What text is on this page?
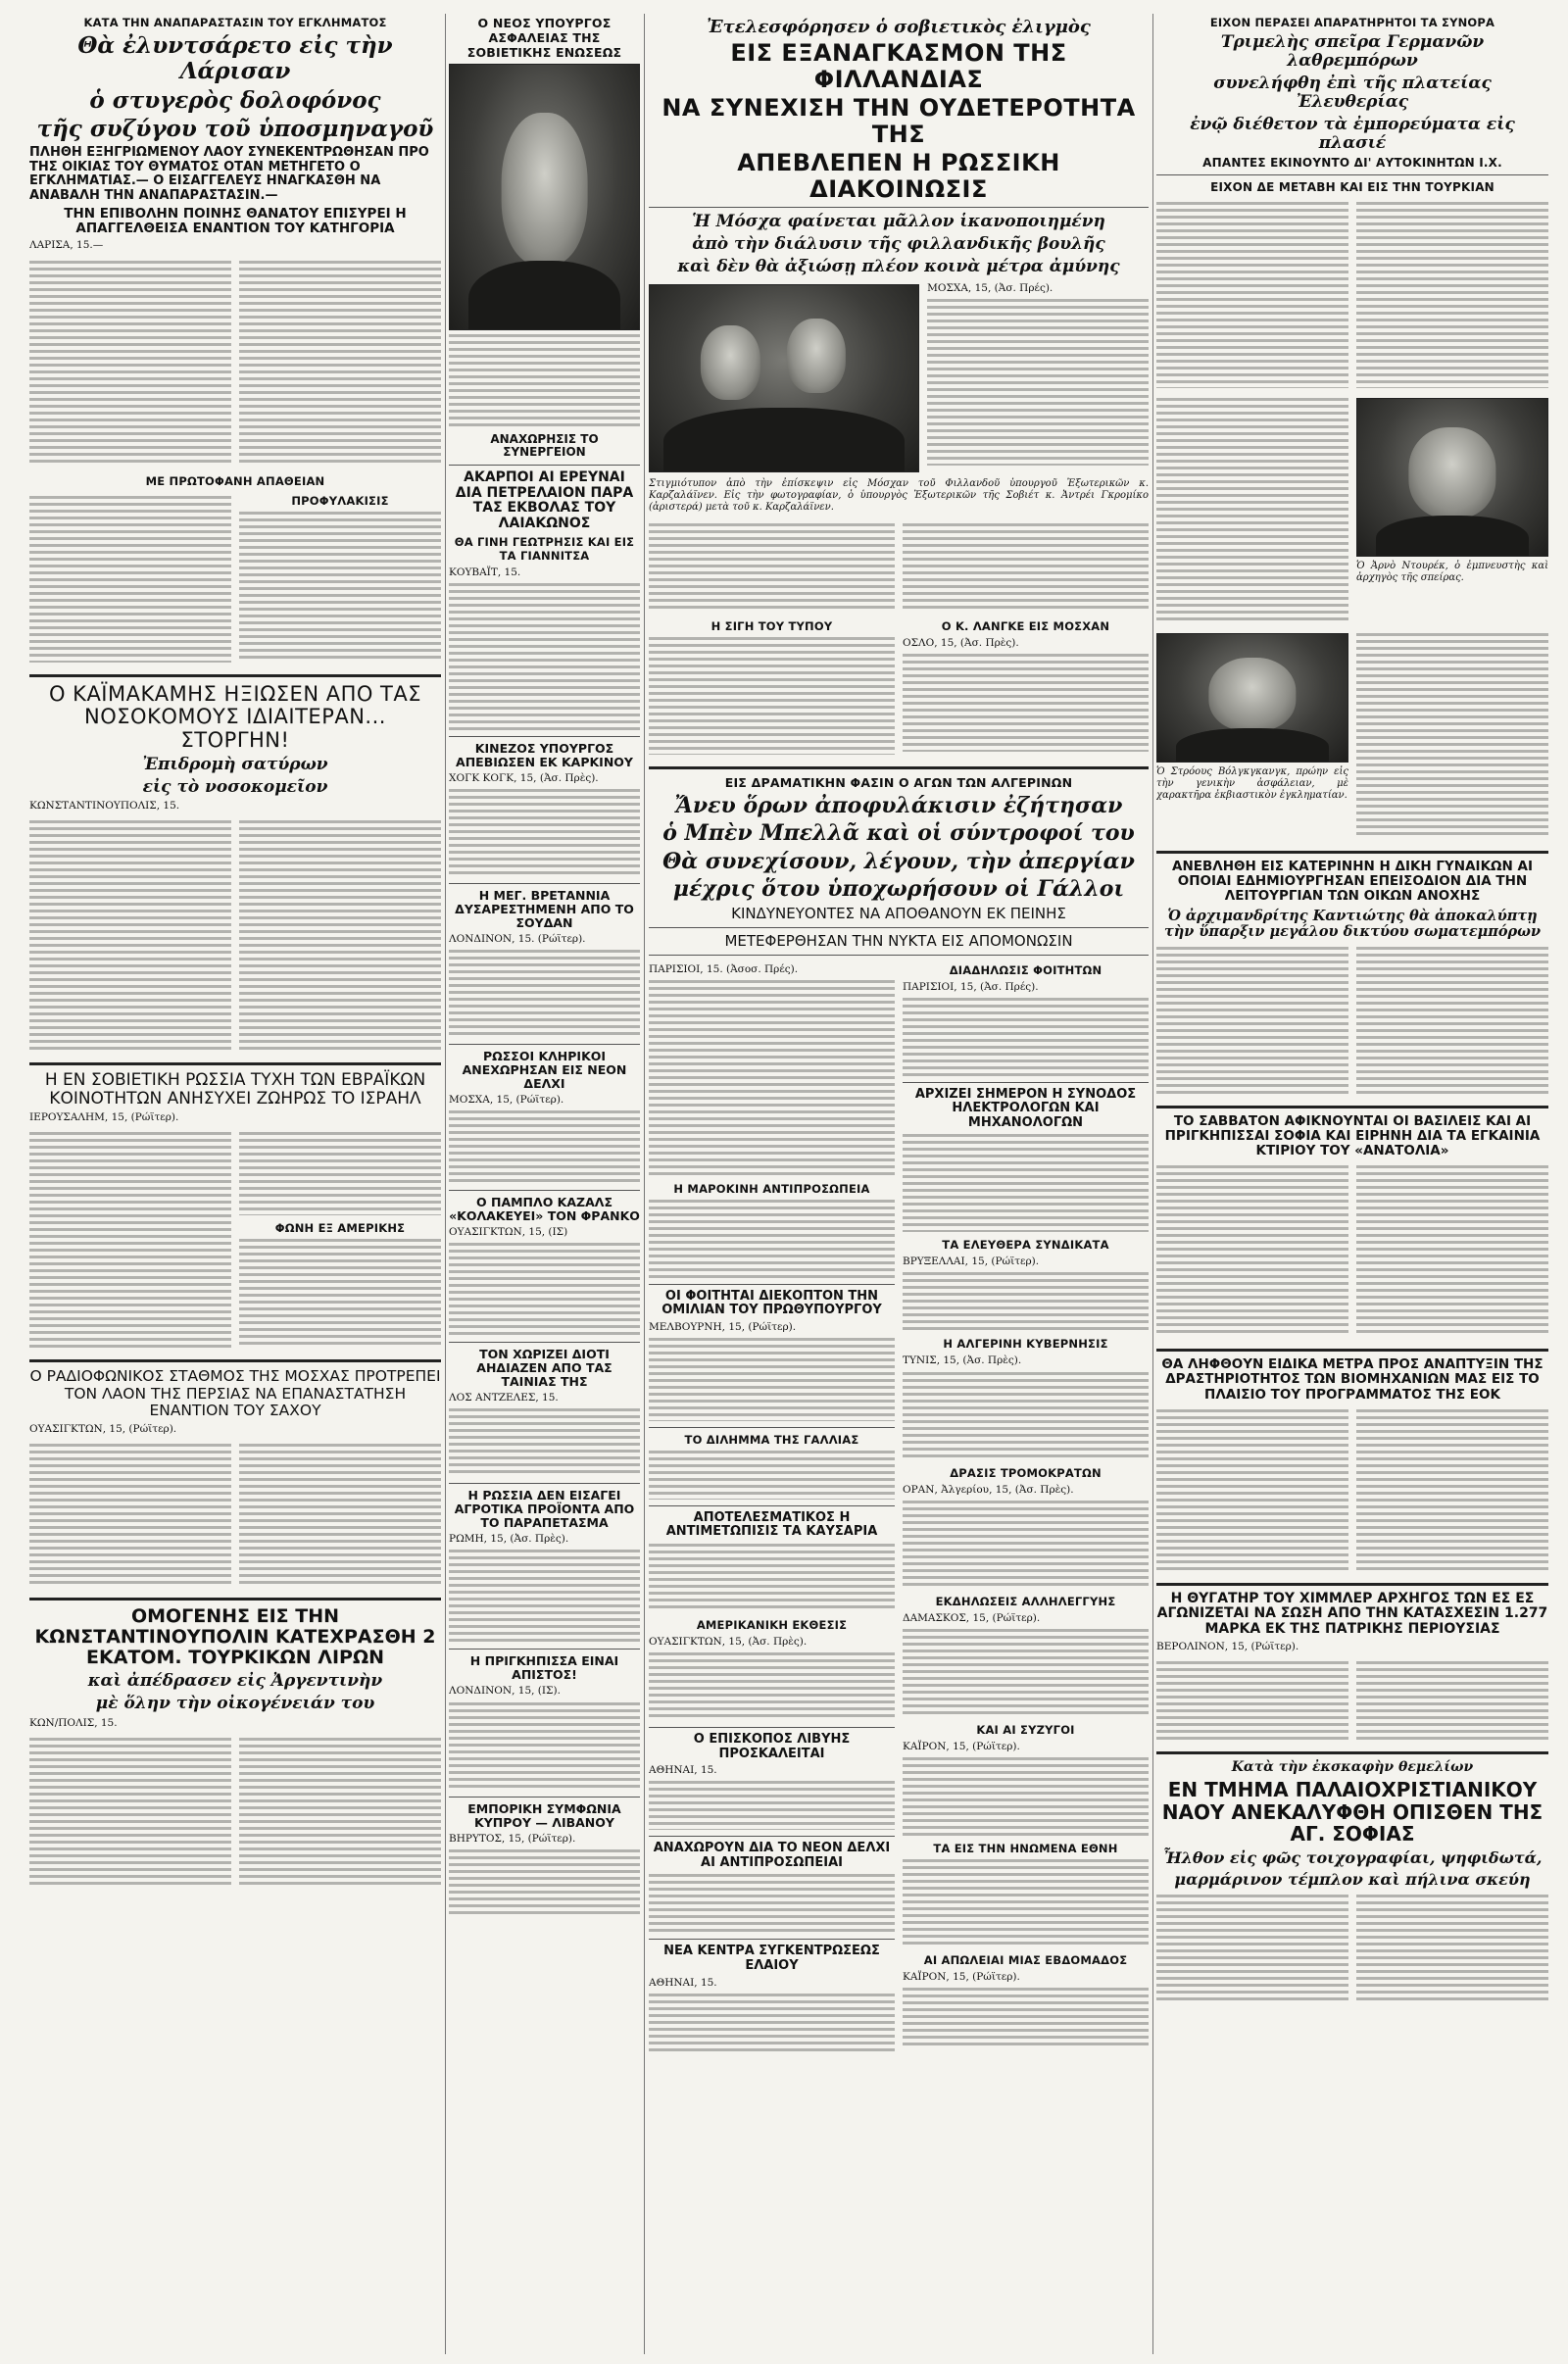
ΚΑΤΑ ΤΗΝ ΑΝΑΠΑΡΑΣΤΑΣΙΝ ΤΟΥ ΕΓΚΛΗΜΑΤΟΣ
Θὰ ἐλυντσάρετο εἰς τὴν Λάρισαν
ὁ στυγερὸς δολοφόνος
τῆς συζύγου τοῦ ὑποσμηναγοῦ
ΠΛΗΘΗ ΕΞΗΓΡΙΩΜΕΝΟΥ ΛΑΟΥ ΣΥΝΕΚΕΝΤΡΩΘΗΣΑΝ ΠΡΟ ΤΗΣ ΟΙΚΙΑΣ ΤΟΥ ΘΥΜΑΤΟΣ ΟΤΑΝ ΜΕΤΗΓΕΤΟ Ο ΕΓΚΛΗΜΑΤΙΑΣ.— Ο ΕΙΣΑΓΓΕΛΕΥΣ ΗΝΑΓΚΑΣΘΗ ΝΑ ΑΝΑΒΑΛΗ ΤΗΝ ΑΝΑΠΑΡΑΣΤΑΣΙΝ.—
ΤΗΝ ΕΠΙΒΟΛΗΝ ΠΟΙΝΗΣ ΘΑΝΑΤΟΥ ΕΠΙΣΥΡΕΙ Η ΑΠΑΓΓΕΛΘΕΙΣΑ ΕΝΑΝΤΙΟΝ ΤΟΥ ΚΑΤΗΓΟΡΙΑ
ΛΑΡΙΣΑ, 15.—
ΜΕ ΠΡΩΤΟΦΑΝΗ ΑΠΑΘΕΙΑΝ
ΠΡΟΦΥΛΑΚΙΣΙΣ
Ο ΚΑΪΜΑΚΑΜΗΣ ΗΞΙΩΣΕΝ ΑΠΟ ΤΑΣ ΝΟΣΟΚΟΜΟΥΣ ΙΔΙΑΙΤΕΡΑΝ... ΣΤΟΡΓΗΝ!
Ἐπιδρομὴ σατύρων
εἰς τὸ νοσοκομεῖον
ΚΩΝΣΤΑΝΤΙΝΟΥΠΟΛΙΣ, 15.
Η ΕΝ ΣΟΒΙΕΤΙΚΗ ΡΩΣΣΙΑ ΤΥΧΗ ΤΩΝ ΕΒΡΑΪΚΩΝ ΚΟΙΝΟΤΗΤΩΝ ΑΝΗΣΥΧΕΙ ΖΩΗΡΩΣ ΤΟ ΙΣΡΑΗΛ
ΙΕΡΟΥΣΑΛΗΜ, 15, (Ρώϊτερ).
ΦΩΝΗ ΕΞ ΑΜΕΡΙΚΗΣ
Ο ΡΑΔΙΟΦΩΝΙΚΟΣ ΣΤΑΘΜΟΣ ΤΗΣ ΜΟΣΧΑΣ ΠΡΟΤΡΕΠΕΙ ΤΟΝ ΛΑΟΝ ΤΗΣ ΠΕΡΣΙΑΣ ΝΑ ΕΠΑΝΑΣΤΑΤΗΣΗ ΕΝΑΝΤΙΟΝ ΤΟΥ ΣΑΧΟΥ
ΟΥΑΣΙΓΚΤΩΝ, 15, (Ρώϊτερ).
ΟΜΟΓΕΝΗΣ ΕΙΣ ΤΗΝ ΚΩΝΣΤΑΝΤΙΝΟΥΠΟΛΙΝ ΚΑΤΕΧΡΑΣΘΗ 2 ΕΚΑΤΟΜ. ΤΟΥΡΚΙΚΩΝ ΛΙΡΩΝ
καὶ ἀπέδρασεν εἰς Ἀργεντινὴν
μὲ ὅλην τὴν οἰκογένειάν του
ΚΩΝ/ΠΟΛΙΣ, 15.
Ο ΝΕΟΣ ΥΠΟΥΡΓΟΣ ΑΣΦΑΛΕΙΑΣ ΤΗΣ ΣΟΒΙΕΤΙΚΗΣ ΕΝΩΣΕΩΣ
ΑΝΑΧΩΡΗΣΙΣ ΤΟ ΣΥΝΕΡΓΕΙΟΝ
ΑΚΑΡΠΟΙ ΑΙ ΕΡΕΥΝΑΙ ΔΙΑ ΠΕΤΡΕΛΑΙΟΝ ΠΑΡΑ ΤΑΣ ΕΚΒΟΛΑΣ ΤΟΥ ΛΑΙΑΚΩΝΟΣ
ΘΑ ΓΙΝΗ ΓΕΩΤΡΗΣΙΣ ΚΑΙ ΕΙΣ ΤΑ ΓΙΑΝΝΙΤΣΑ
ΚΟΥΒΑΪΤ, 15.
ΚΙΝΕΖΟΣ ΥΠΟΥΡΓΟΣ ΑΠΕΒΙΩΣΕΝ ΕΚ ΚΑΡΚΙΝΟΥ
ΧΟΓΚ ΚΟΓΚ, 15, (Ἀσ. Πρὲς).
Η ΜΕΓ. ΒΡΕΤΑΝΝΙΑ ΔΥΣΑΡΕΣΤΗΜΕΝΗ ΑΠΟ ΤΟ ΣΟΥΔΑΝ
ΛΟΝΔΙΝΟΝ, 15. (Ρώϊτερ).
ΡΩΣΣΟΙ ΚΛΗΡΙΚΟΙ ΑΝΕΧΩΡΗΣΑΝ ΕΙΣ ΝΕΟΝ ΔΕΛΧΙ
ΜΟΣΧΑ, 15, (Ρώϊτερ).
Ο ΠΑΜΠΛΟ ΚΑΖΑΛΣ «ΚΟΛΑΚΕΥΕΙ» ΤΟΝ ΦΡΑΝΚΟ
ΟΥΑΣΙΓΚΤΩΝ, 15, (ΙΣ)
ΤΟΝ ΧΩΡΙΖΕΙ ΔΙΟΤΙ ΑΗΔΙΑΖΕΝ ΑΠΟ ΤΑΣ ΤΑΙΝΙΑΣ ΤΗΣ
ΛΟΣ ΑΝΤΖΕΛΕΣ, 15.
Η ΡΩΣΣΙΑ ΔΕΝ ΕΙΣΑΓΕΙ ΑΓΡΟΤΙΚΑ ΠΡΟΪΟΝΤΑ ΑΠΟ ΤΟ ΠΑΡΑΠΕΤΑΣΜΑ
ΡΩΜΗ, 15, (Ἀσ. Πρὲς).
Η ΠΡΙΓΚΗΠΙΣΣΑ ΕΙΝΑΙ ΑΠΙΣΤΟΣ!
ΛΟΝΔΙΝΟΝ, 15, (ΙΣ).
ΕΜΠΟΡΙΚΗ ΣΥΜΦΩΝΙΑ ΚΥΠΡΟΥ — ΛΙΒΑΝΟΥ
ΒΗΡΥΤΟΣ, 15, (Ρώϊτερ).
Ἐτελεσφόρησεν ὁ σοβιετικὸς ἐλιγμὸς
ΕΙΣ ΕΞΑΝΑΓΚΑΣΜΟΝ ΤΗΣ ΦΙΛΛΑΝΔΙΑΣ
ΝΑ ΣΥΝΕΧΙΣΗ ΤΗΝ ΟΥΔΕΤΕΡΟΤΗΤΑ ΤΗΣ
ΑΠΕΒΛΕΠΕΝ Η ΡΩΣΣΙΚΗ ΔΙΑΚΟΙΝΩΣΙΣ
Ἡ Μόσχα φαίνεται μᾶλλον ἱκανοποιημένη
ἀπὸ τὴν διάλυσιν τῆς φιλλανδικῆς βουλῆς
καὶ δὲν θὰ ἀξιώσῃ πλέον κοινὰ μέτρα ἀμύνης
ΜΟΣΧΑ, 15, (Ἀσ. Πρές).
Στιγμιότυπον ἀπὸ τὴν ἐπίσκεψιν εἰς Μόσχαν τοῦ Φιλλανδοῦ ὑπουργοῦ Ἐξωτερικῶν κ. Καρζαλάϊνεν. Εἰς τὴν φωτογραφίαν, ὁ ὑπουργὸς Ἐξωτερικῶν τῆς Σοβιέτ κ. Ἀντρέι Γκρομίκο (ἀριστερά) μετὰ τοῦ κ. Καρζαλάϊνεν.
Η ΣΙΓΗ ΤΟΥ ΤΥΠΟΥ	Ο Κ. ΛΑΝΓΚΕ ΕΙΣ ΜΟΣΧΑΝ
ΟΣΛΟ, 15, (Ἀσ. Πρὲς).
ΕΙΣ ΔΡΑΜΑΤΙΚΗΝ ΦΑΣΙΝ Ο ΑΓΩΝ ΤΩΝ ΑΛΓΕΡΙΝΩΝ
Ἄνευ ὅρων ἀποφυλάκισιν ἐζήτησαν
ὁ Μπὲν Μπελλᾶ καὶ οἱ σύντροφοί του
Θὰ συνεχίσουν, λέγουν, τὴν ἀπεργίαν
μέχρις ὅτου ὑποχωρήσουν οἱ Γάλλοι
ΚΙΝΔΥΝΕΥΟΝΤΕΣ ΝΑ ΑΠΟΘΑΝΟΥΝ ΕΚ ΠΕΙΝΗΣ
ΜΕΤΕΦΕΡΘΗΣΑΝ ΤΗΝ ΝΥΚΤΑ ΕΙΣ ΑΠΟΜΟΝΩΣΙΝ
ΠΑΡΙΣΙΟΙ, 15. (Ἀσοσ. Πρές).
Η ΜΑΡΟΚΙΝΗ ΑΝΤΙΠΡΟΣΩΠΕΙΑ
ΟΙ ΦΟΙΤΗΤΑΙ ΔΙΕΚΟΠΤΟΝ ΤΗΝ ΟΜΙΛΙΑΝ ΤΟΥ ΠΡΩΘΥΠΟΥΡΓΟΥ
ΜΕΛΒΟΥΡΝΗ, 15, (Ρώϊτερ).
ΤΟ ΔΙΛΗΜΜΑ ΤΗΣ ΓΑΛΛΙΑΣ
ΑΠΟΤΕΛΕΣΜΑΤΙΚΟΣ Η ΑΝΤΙΜΕΤΩΠΙΣΙΣ ΤΑ ΚΑΥΣΑΡΙΑ
ΑΜΕΡΙΚΑΝΙΚΗ ΕΚΘΕΣΙΣ
ΟΥΑΣΙΓΚΤΩΝ, 15, (Ἀσ. Πρὲς).
Ο ΕΠΙΣΚΟΠΟΣ ΛΙΒΥΗΣ ΠΡΟΣΚΑΛΕΙΤΑΙ
ΑΘΗΝΑΙ, 15.
ΑΝΑΧΩΡΟΥΝ ΔΙΑ ΤΟ ΝΕΟΝ ΔΕΛΧΙ ΑΙ ΑΝΤΙΠΡΟΣΩΠΕΙΑΙ
ΝΕΑ ΚΕΝΤΡΑ ΣΥΓΚΕΝΤΡΩΣΕΩΣ ΕΛΑΙΟΥ
ΑΘΗΝΑΙ, 15.
ΔΙΑΔΗΛΩΣΙΣ ΦΟΙΤΗΤΩΝ
ΠΑΡΙΣΙΟΙ, 15, (Ἀσ. Πρές).
ΑΡΧΙΖΕΙ ΣΗΜΕΡΟΝ Η ΣΥΝΟΔΟΣ ΗΛΕΚΤΡΟΛΟΓΩΝ ΚΑΙ ΜΗΧΑΝΟΛΟΓΩΝ
ΤΑ ΕΛΕΥΘΕΡΑ ΣΥΝΔΙΚΑΤΑ
ΒΡΥΞΕΛΛΑΙ, 15, (Ρώϊτερ).
Η ΑΛΓΕΡΙΝΗ ΚΥΒΕΡΝΗΣΙΣ
ΤΥΝΙΣ, 15, (Ἀσ. Πρὲς).
ΔΡΑΣΙΣ ΤΡΟΜΟΚΡΑΤΩΝ
ΟΡΑΝ, Ἀλγερίου, 15, (Ἀσ. Πρὲς).
ΕΚΔΗΛΩΣΕΙΣ ΑΛΛΗΛΕΓΓΥΗΣ
ΔΑΜΑΣΚΟΣ, 15, (Ρώϊτερ).
ΚΑΙ ΑΙ ΣΥΖΥΓΟΙ
ΚΑΪΡΟΝ, 15, (Ρώϊτερ).
ΤΑ ΕΙΣ ΤΗΝ ΗΝΩΜΕΝΑ ΕΘΝΗ
ΑΙ ΑΠΩΛΕΙΑΙ ΜΙΑΣ ΕΒΔΟΜΑΔΟΣ
ΚΑΪΡΟΝ, 15, (Ρώϊτερ).
ΕΙΧΟΝ ΠΕΡΑΣΕΙ ΑΠΑΡΑΤΗΡΗΤΟΙ ΤΑ ΣΥΝΟΡΑ
Τριμελὴς σπεῖρα Γερμανῶν λαθρεμπόρων
συνελήφθη ἐπὶ τῆς πλατείας Ἐλευθερίας
ἐνῷ διέθετον τὰ ἐμπορεύματα εἰς πλασιέ
ΑΠΑΝΤΕΣ ΕΚΙΝΟΥΝΤΟ ΔΙ' ΑΥΤΟΚΙΝΗΤΩΝ Ι.Χ.
ΕΙΧΟΝ ΔΕ ΜΕΤΑΒΗ ΚΑΙ ΕΙΣ ΤΗΝ ΤΟΥΡΚΙΑΝ
Ὁ Ἀρνὸ Ντουρέκ, ὁ ἐμπνευστὴς καὶ ἀρχηγὸς τῆς σπείρας.
Ὁ Στρόους Βόλγκγκανγκ, πρώην εἰς τὴν γενικὴν ἀσφάλειαν, μὲ χαρακτῆρα ἐκβιαστικὸν ἐγκληματίαν.
ΑΝΕΒΛΗΘΗ ΕΙΣ ΚΑΤΕΡΙΝΗΝ Η ΔΙΚΗ ΓΥΝΑΙΚΩΝ ΑΙ ΟΠΟΙΑΙ ΕΔΗΜΙΟΥΡΓΗΣΑΝ ΕΠΕΙΣΟΔΙΟΝ ΔΙΑ ΤΗΝ ΛΕΙΤΟΥΡΓΙΑΝ ΤΩΝ ΟΙΚΩΝ ΑΝΟΧΗΣ
Ὁ ἀρχιμανδρίτης Καντιώτης θὰ ἀποκαλύπτῃ τὴν ὕπαρξιν μεγάλου δικτύου σωματεμπόρων
ΤΟ ΣΑΒΒΑΤΟΝ ΑΦΙΚΝΟΥΝΤΑΙ ΟΙ ΒΑΣΙΛΕΙΣ ΚΑΙ ΑΙ ΠΡΙΓΚΗΠΙΣΣΑΙ ΣΟΦΙΑ ΚΑΙ ΕΙΡΗΝΗ ΔΙΑ ΤΑ ΕΓΚΑΙΝΙΑ ΚΤΙΡΙΟΥ ΤΟΥ «ΑΝΑΤΟΛΙΑ»
ΘΑ ΛΗΦΘΟΥΝ ΕΙΔΙΚΑ ΜΕΤΡΑ ΠΡΟΣ ΑΝΑΠΤΥΞΙΝ ΤΗΣ ΔΡΑΣΤΗΡΙΟΤΗΤΟΣ ΤΩΝ ΒΙΟΜΗΧΑΝΙΩΝ ΜΑΣ ΕΙΣ ΤΟ ΠΛΑΙΣΙΟ ΤΟΥ ΠΡΟΓΡΑΜΜΑΤΟΣ ΤΗΣ ΕΟΚ
Η ΘΥΓΑΤΗΡ ΤΟΥ ΧΙΜΜΛΕΡ ΑΡΧΗΓΟΣ ΤΩΝ ΕΣ ΕΣ ΑΓΩΝΙΖΕΤΑΙ ΝΑ ΣΩΣΗ ΑΠΟ ΤΗΝ ΚΑΤΑΣΧΕΣΙΝ 1.277 ΜΑΡΚΑ ΕΚ ΤΗΣ ΠΑΤΡΙΚΗΣ ΠΕΡΙΟΥΣΙΑΣ
ΒΕΡΟΛΙΝΟΝ, 15, (Ρώϊτερ).
Κατὰ τὴν ἐκσκαφὴν θεμελίων
ΕΝ ΤΜΗΜΑ ΠΑΛΑΙΟΧΡΙΣΤΙΑΝΙΚΟΥ ΝΑΟΥ ΑΝΕΚΑΛΥΦΘΗ ΟΠΙΣΘΕΝ ΤΗΣ ΑΓ. ΣΟΦΙΑΣ
Ἦλθον εἰς φῶς τοιχογραφίαι, ψηφιδωτά,
μαρμάρινον τέμπλον καὶ πήλινα σκεύη
